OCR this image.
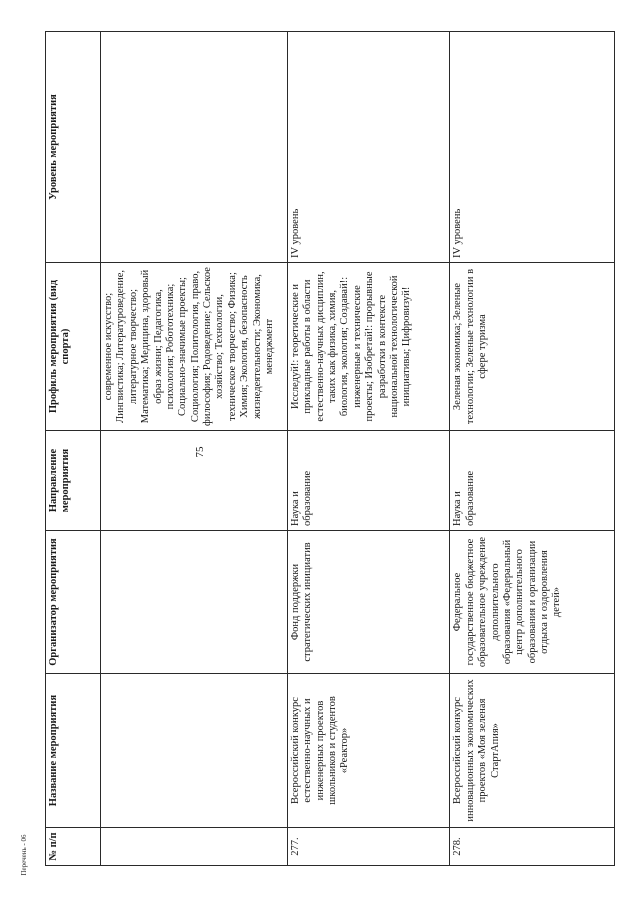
75
Перечень - 06 № п/п	Название мероприятия	Организатор мероприятия	Направление мероприятия	Профиль мероприятия (вид спорта)	Уровень мероприятия
				современное искусство; Лингвистика; Литературоведение, литературное творчество; Математика; Медицина, здоровый образ жизни; Педагогика, психология; Робототехника; Социально-значимые проекты; Социология; Политология, право, философия; Родоведение; Сельское хозяйство; Технологии, техническое творчество; Физика; Химия; Экология, безопасность жизнедеятельности; Экономика, менеджмент	
277.	Всероссийский конкурс естественно-научных и инженерных проектов школьников и студентов «Реактор»	Фонд поддержки стратегических инициатив	Наука и образование	Исследуй!: теоретические и прикладные работы в области естественно-научных дисциплин, таких как физика, химия, биология, экология; Создавай!: инженерные и технические проекты; Изобретай!: прорывные разработки в контексте национальной технологической инициативы; Цифровизуй!	IV уровень
278.	Всероссийский конкурс инновационных экономических проектов «Моя зеленая СтартАпия»	Федеральное государственное бюджетное образовательное учреждение дополнительного образования «Федеральный центр дополнительного образования и организации отдыха и оздоровления детей»	Наука и образование	Зеленая экономика; Зеленые технологии; Зеленые технологии в сфере туризма	IV уровень
